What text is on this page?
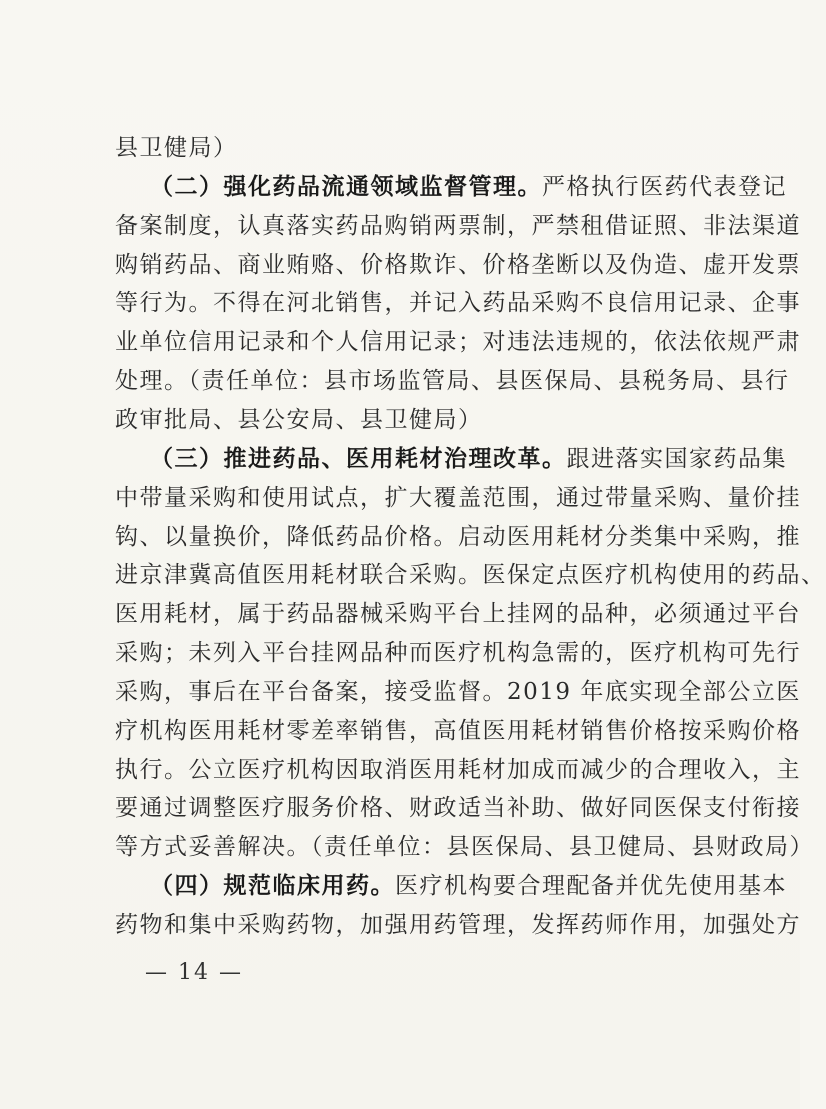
县卫健局）
（二）强化药品流通领域监督管理。严格执行医药代表登记
备案制度，认真落实药品购销两票制，严禁租借证照、非法渠道
购销药品、商业贿赂、价格欺诈、价格垄断以及伪造、虚开发票
等行为。不得在河北销售，并记入药品采购不良信用记录、企事
业单位信用记录和个人信用记录；对违法违规的，依法依规严肃
处理。（责任单位：县市场监管局、县医保局、县税务局、县行
政审批局、县公安局、县卫健局）
（三）推进药品、医用耗材治理改革。跟进落实国家药品集
中带量采购和使用试点，扩大覆盖范围，通过带量采购、量价挂
钩、以量换价，降低药品价格。启动医用耗材分类集中采购，推
进京津冀高值医用耗材联合采购。医保定点医疗机构使用的药品、
医用耗材，属于药品器械采购平台上挂网的品种，必须通过平台
采购；未列入平台挂网品种而医疗机构急需的，医疗机构可先行
采购，事后在平台备案，接受监督。2019 年底实现全部公立医
疗机构医用耗材零差率销售，高值医用耗材销售价格按采购价格
执行。公立医疗机构因取消医用耗材加成而减少的合理收入，主
要通过调整医疗服务价格、财政适当补助、做好同医保支付衔接
等方式妥善解决。（责任单位：县医保局、县卫健局、县财政局）
（四）规范临床用药。医疗机构要合理配备并优先使用基本
药物和集中采购药物，加强用药管理，发挥药师作用，加强处方
— 14 —
